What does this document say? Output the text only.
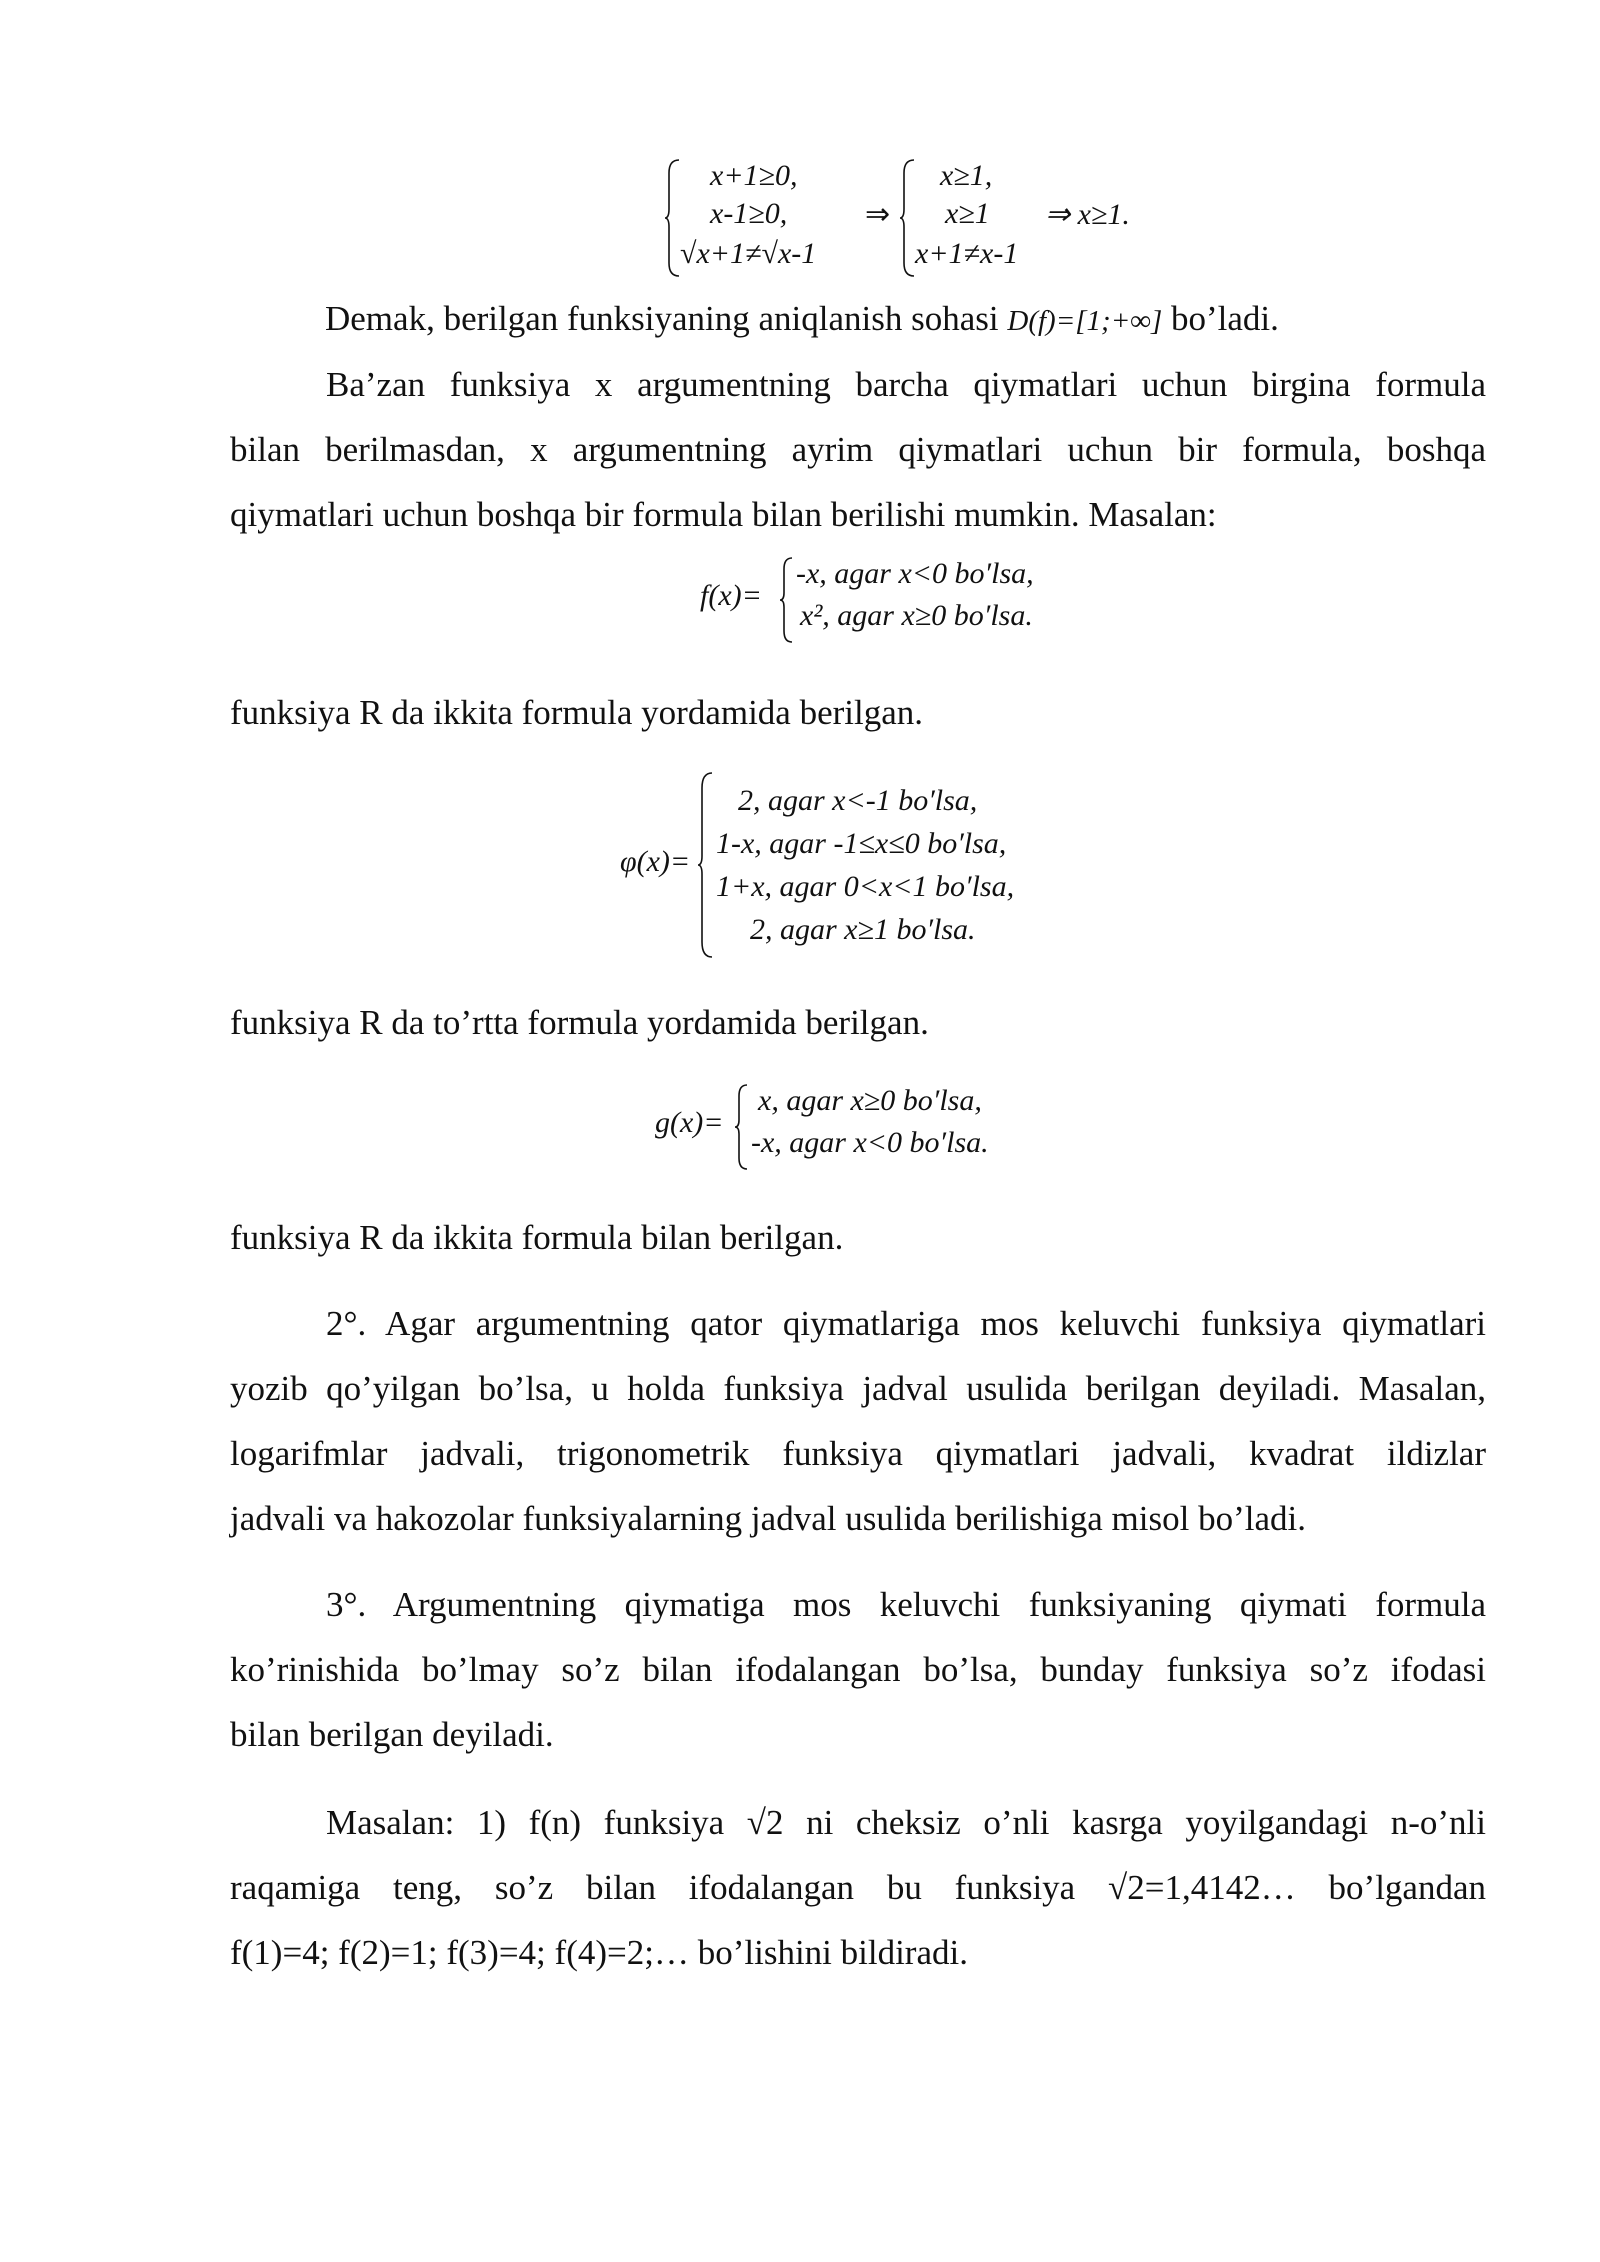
x+1≥0,
x-1≥0,
√x+1≠√x-1
⇒
x≥1,
x≥1
x+1≠x-1
⇒ x≥1.
Demak, berilgan funksiyaning aniqlanish sohasi D(f)=[1;+∞] bo’ladi.
Ba’zan funksiya x argumentning barcha qiymatlari uchun birgina formula
bilan berilmasdan, x argumentning ayrim qiymatlari uchun bir formula, boshqa
qiymatlari uchun boshqa bir formula bilan berilishi mumkin. Masalan:
f(x)=
-x, agar x<0 bo′lsa,
x², agar x≥0 bo′lsa.
funksiya R da ikkita formula yordamida berilgan.
φ(x)=
2, agar x<-1 bo′lsa,
1-x, agar -1≤x≤0 bo′lsa,
1+x, agar 0<x<1 bo′lsa,
2, agar x≥1 bo′lsa.
funksiya R da to’rtta formula yordamida berilgan.
g(x)=
x, agar x≥0 bo′lsa,
-x, agar x<0 bo′lsa.
funksiya R da ikkita formula bilan berilgan.
2°. Agar argumentning qator qiymatlariga mos keluvchi funksiya qiymatlari
yozib qo’yilgan bo’lsa, u holda funksiya jadval usulida berilgan deyiladi. Masalan,
logarifmlar jadvali, trigonometrik funksiya qiymatlari jadvali, kvadrat ildizlar
jadvali va hakozolar funksiyalarning jadval usulida berilishiga misol bo’ladi.
3°. Argumentning qiymatiga mos keluvchi funksiyaning qiymati formula
ko’rinishida bo’lmay so’z bilan ifodalangan bo’lsa, bunday funksiya so’z ifodasi
bilan berilgan deyiladi.
Masalan: 1) f(n) funksiya √2 ni cheksiz o’nli kasrga yoyilgandagi n-o’nli
raqamiga teng, so’z bilan ifodalangan bu funksiya √2=1,4142… bo’lgandan
f(1)=4; f(2)=1; f(3)=4; f(4)=2;… bo’lishini bildiradi.
